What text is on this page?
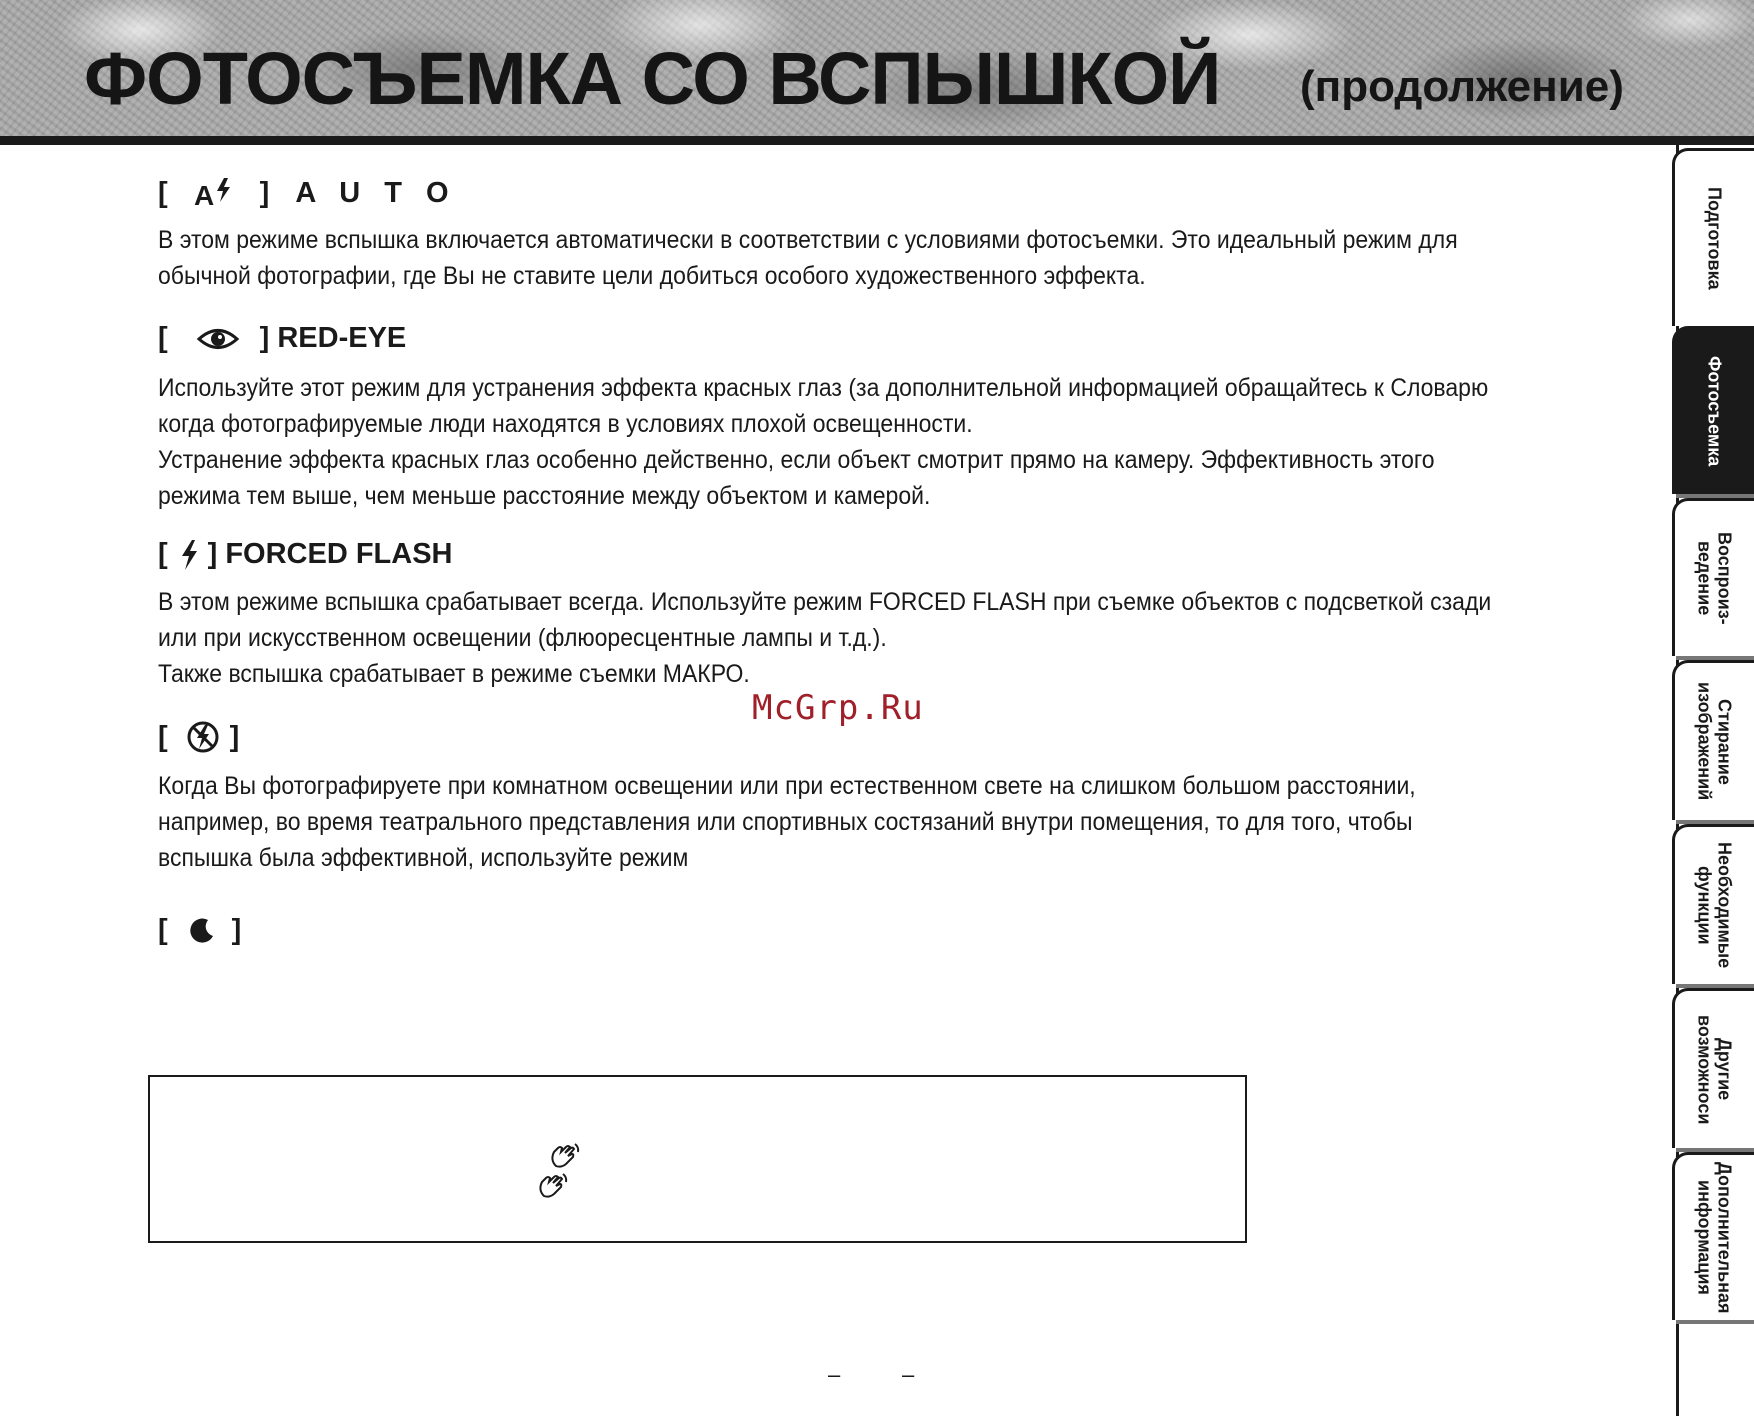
ФОТОСЪЕМКА СО ВСПЫШКОЙ (продолжение)
[ A ] A U T O
В этом режиме вспышка включается автоматически в соответствии с условиями фотосъемки. Это идеальный режим для
обычной фотографии, где Вы не ставите цели добиться особого художественного эффекта.
[	] RED-EYE
Используйте этот режим для устранения эффекта красных глаз (за дополнительной информацией обращайтесь к Словарю
когда фотографируемые люди находятся в условиях плохой освещенности.
Устранение эффекта красных глаз особенно действенно, если объект смотрит прямо на камеру. Эффективность этого
режима тем выше, чем меньше расстояние между объектом и камерой.
[ ] FORCED FLASH
В этом режиме вспышка срабатывает всегда. Используйте режим FORCED FLASH при съемке объектов с подсветкой сзади
или при искусственном освещении (флюоресцентные лампы и т.д.).
Также вспышка срабатывает в режиме съемки МАКРО.
McGrp.Ru
[ ]
Когда Вы фотографируете при комнатном освещении или при естественном свете на слишком большом расстоянии,
например, во время театрального представления или спортивных состязаний внутри помещения, то для того, чтобы
вспышка была эффективной, используйте режим
[ ]
–	–
Подготовка
Фотосъемка
Воспроиз-
ведение
Стирание
изображений
Необходимые
функции
Другие
возможноси
Дополнительная
информация
